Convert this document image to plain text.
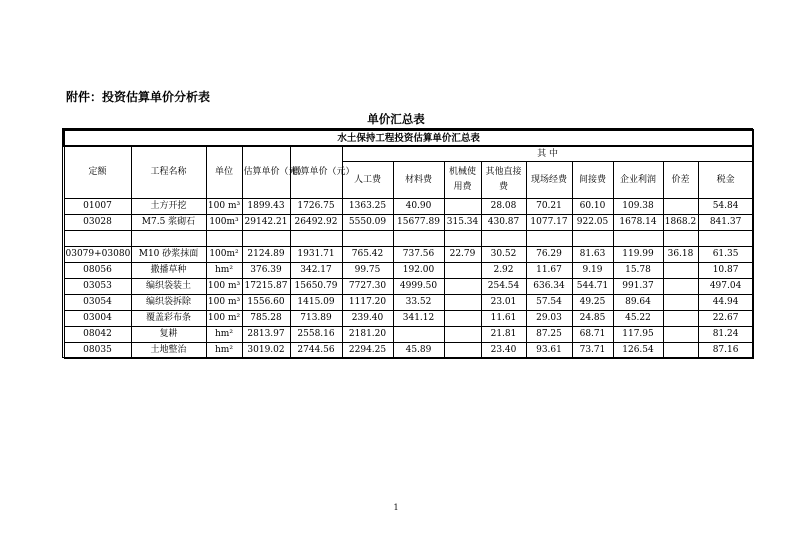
附件：投资估算单价分析表
单价汇总表
水土保持工程投资估算单价汇总表													
定额	工程名称	单位	估算单价（元）	概算单价（元）	其 中								
					人工费	材料费	机械使用费	其他直接费	现场经费	间接费	企业利润	价差	税金
01007	土方开挖	100 m³	1899.43	1726.75	1363.25	40.90		28.08	70.21	60.10	109.38		54.84
03028	M7.5 浆砌石	100m³	29142.21	26492.92	5550.09	15677.89	315.34	430.87	1077.17	922.05	1678.14	1868.2	841.37

03079+03080	M10 砂浆抹面	100m²	2124.89	1931.71	765.42	737.56	22.79	30.52	76.29	81.63	119.99	36.18	61.35
08056	撒播草种	hm²	376.39	342.17	99.75	192.00		2.92	11.67	9.19	15.78		10.87
03053	编织袋装土	100 m³	17215.87	15650.79	7727.30	4999.50		254.54	636.34	544.71	991.37		497.04
03054	编织袋拆除	100 m³	1556.60	1415.09	1117.20	33.52		23.01	57.54	49.25	89.64		44.94
03004	覆盖彩布条	100 m²	785.28	713.89	239.40	341.12		11.61	29.03	24.85	45.22		22.67
08042	复耕	hm²	2813.97	2558.16	2181.20			21.81	87.25	68.71	117.95		81.24
08035	土地整治	hm²	3019.02	2744.56	2294.25	45.89		23.40	93.61	73.71	126.54		87.16
1
